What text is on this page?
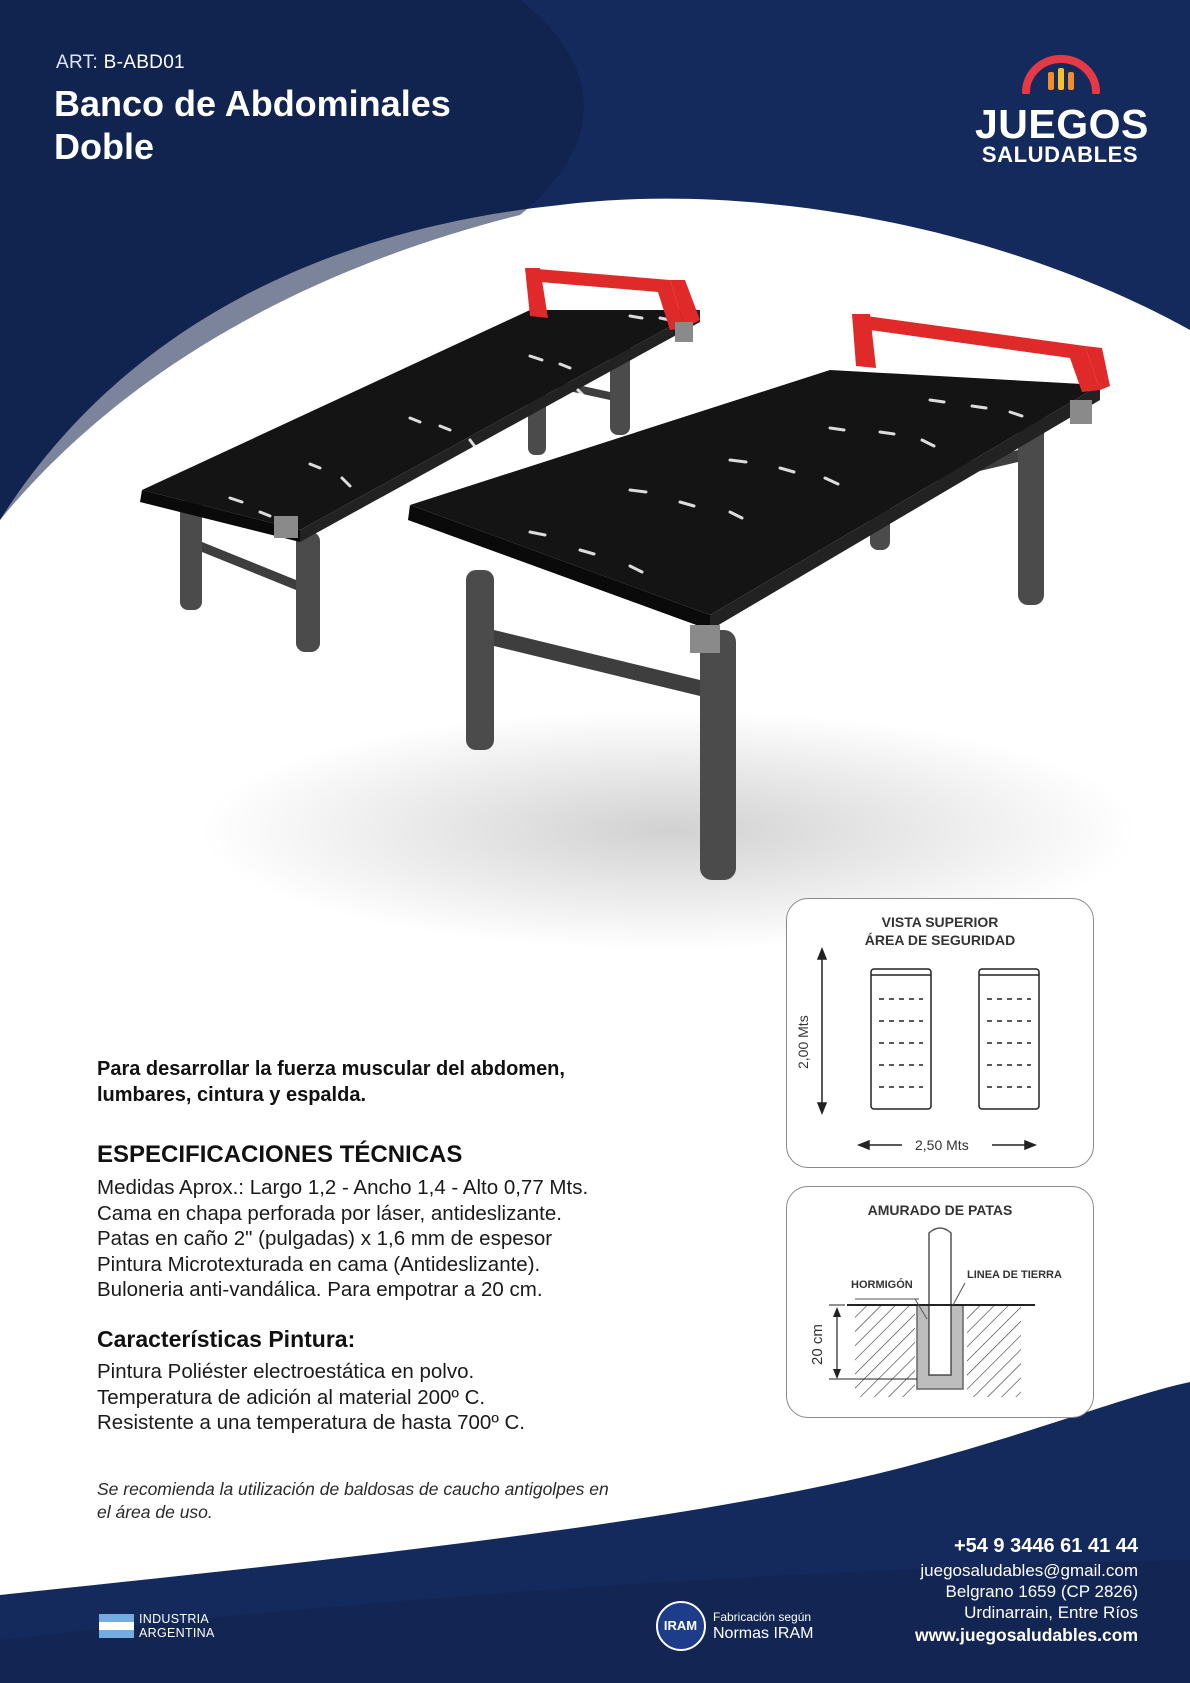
ART: B-ABD01
Banco de Abdominales
Doble	JUEGOS
SALUDABLES
Para desarrollar la fuerza muscular del abdomen, lumbares, cintura y espalda.
ESPECIFICACIONES TÉCNICAS
Medidas Aprox.: Largo 1,2 - Ancho 1,4 - Alto 0,77 Mts.
Cama en chapa perforada por láser, antideslizante.
Patas en caño 2" (pulgadas) x 1,6 mm de espesor
Pintura Microtexturada en cama (Antideslizante).
Buloneria anti-vandálica. Para empotrar a 20 cm.
Características Pintura:
Pintura Poliéster electroestática en polvo.
Temperatura de adición al material 200º C.
Resistente a una temperatura de hasta 700º C.
Se recomienda la utilización de baldosas de caucho antigolpes en el área de uso.
VISTA SUPERIOR
ÁREA DE SEGURIDAD
2,00 Mts
2,50 Mts
AMURADO DE PATAS
HORMIGÓN
LINEA DE TIERRA
20 cm
+54 9 3446 61 41 44
juegosaludables@gmail.com
Belgrano 1659 (CP 2826)
Urdinarrain, Entre Ríos
www.juegosaludables.com
INDUSTRIA
ARGENTINA	IRAM
Fabricación según
Normas IRAM
